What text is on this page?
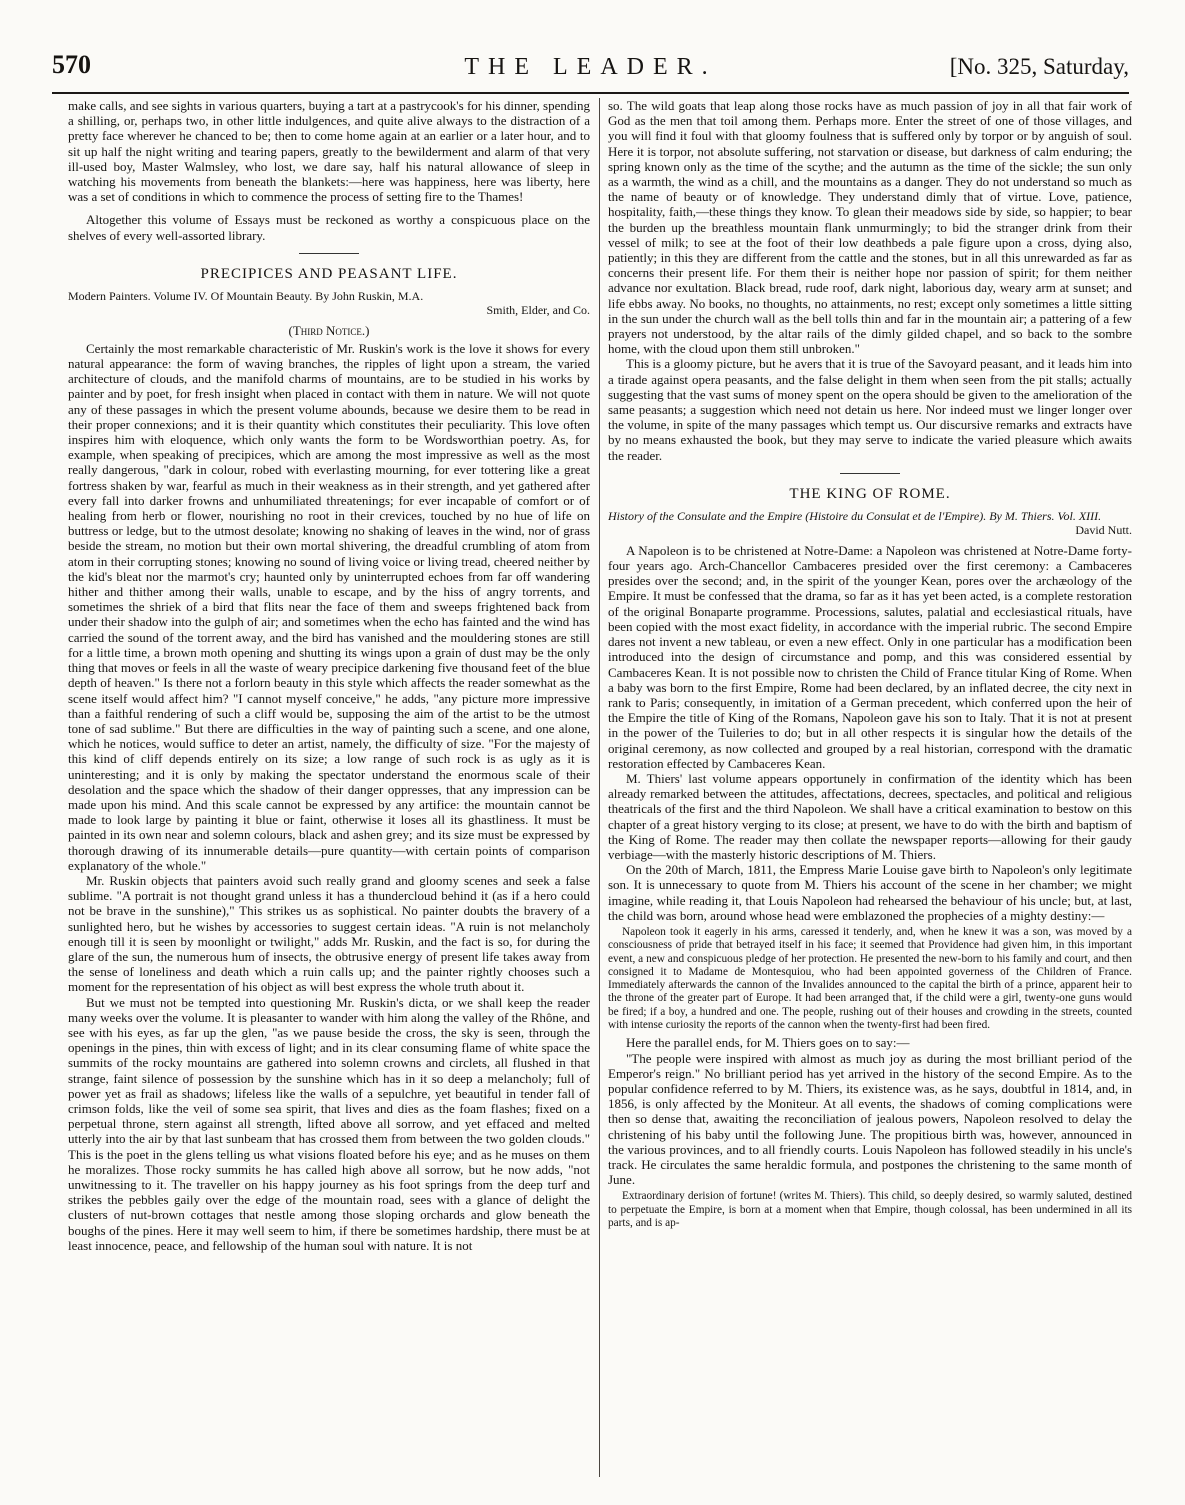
570	THE LEADER.	[No. 325, Saturday,

make calls, and see sights in various quarters, buying a tart at a pastrycook's for his dinner, spending a shilling, or, perhaps two, in other little indulgences, and quite alive always to the distraction of a pretty face wherever he chanced to be; then to come home again at an earlier or a later hour, and to sit up half the night writing and tearing papers, greatly to the bewilderment and alarm of that very ill-used boy, Master Walmsley, who lost, we dare say, half his natural allowance of sleep in watching his movements from beneath the blankets:—here was happiness, here was liberty, here was a set of conditions in which to commence the process of setting fire to the Thames!

Altogether this volume of Essays must be reckoned as worthy a conspicuous place on the shelves of every well-assorted library.

PRECIPICES AND PEASANT LIFE.

Modern Painters. Volume IV. Of Mountain Beauty. By John Ruskin, M.A.

Smith, Elder, and Co.

(Third Notice.)

Certainly the most remarkable characteristic of Mr. Ruskin's work is the love it shows for every natural appearance: the form of waving branches, the ripples of light upon a stream, the varied architecture of clouds, and the manifold charms of mountains, are to be studied in his works by painter and by poet, for fresh insight when placed in contact with them in nature. We will not quote any of these passages in which the present volume abounds, because we desire them to be read in their proper connexions; and it is their quantity which constitutes their peculiarity. This love often inspires him with eloquence, which only wants the form to be Wordsworthian poetry. As, for example, when speaking of precipices, which are among the most impressive as well as the most really dangerous, "dark in colour, robed with everlasting mourning, for ever tottering like a great fortress shaken by war, fearful as much in their weakness as in their strength, and yet gathered after every fall into darker frowns and unhumiliated threatenings; for ever incapable of comfort or of healing from herb or flower, nourishing no root in their crevices, touched by no hue of life on buttress or ledge, but to the utmost desolate; knowing no shaking of leaves in the wind, nor of grass beside the stream, no motion but their own mortal shivering, the dreadful crumbling of atom from atom in their corrupting stones; knowing no sound of living voice or living tread, cheered neither by the kid's bleat nor the marmot's cry; haunted only by uninterrupted echoes from far off wandering hither and thither among their walls, unable to escape, and by the hiss of angry torrents, and sometimes the shriek of a bird that flits near the face of them and sweeps frightened back from under their shadow into the gulph of air; and sometimes when the echo has fainted and the wind has carried the sound of the torrent away, and the bird has vanished and the mouldering stones are still for a little time, a brown moth opening and shutting its wings upon a grain of dust may be the only thing that moves or feels in all the waste of weary precipice darkening five thousand feet of the blue depth of heaven." Is there not a forlorn beauty in this style which affects the reader somewhat as the scene itself would affect him? "I cannot myself conceive," he adds, "any picture more impressive than a faithful rendering of such a cliff would be, supposing the aim of the artist to be the utmost tone of sad sublime." But there are difficulties in the way of painting such a scene, and one alone, which he notices, would suffice to deter an artist, namely, the difficulty of size. "For the majesty of this kind of cliff depends entirely on its size; a low range of such rock is as ugly as it is uninteresting; and it is only by making the spectator understand the enormous scale of their desolation and the space which the shadow of their danger oppresses, that any impression can be made upon his mind. And this scale cannot be expressed by any artifice: the mountain cannot be made to look large by painting it blue or faint, otherwise it loses all its ghastliness. It must be painted in its own near and solemn colours, black and ashen grey; and its size must be expressed by thorough drawing of its innumerable details—pure quantity—with certain points of comparison explanatory of the whole."

Mr. Ruskin objects that painters avoid such really grand and gloomy scenes and seek a false sublime. "A portrait is not thought grand unless it has a thundercloud behind it (as if a hero could not be brave in the sunshine)," This strikes us as sophistical. No painter doubts the bravery of a sunlighted hero, but he wishes by accessories to suggest certain ideas. "A ruin is not melancholy enough till it is seen by moonlight or twilight," adds Mr. Ruskin, and the fact is so, for during the glare of the sun, the numerous hum of insects, the obtrusive energy of present life takes away from the sense of loneliness and death which a ruin calls up; and the painter rightly chooses such a moment for the representation of his object as will best express the whole truth about it.

But we must not be tempted into questioning Mr. Ruskin's dicta, or we shall keep the reader many weeks over the volume. It is pleasanter to wander with him along the valley of the Rhône, and see with his eyes, as far up the glen, "as we pause beside the cross, the sky is seen, through the openings in the pines, thin with excess of light; and in its clear consuming flame of white space the summits of the rocky mountains are gathered into solemn crowns and circlets, all flushed in that strange, faint silence of possession by the sunshine which has in it so deep a melancholy; full of power yet as frail as shadows; lifeless like the walls of a sepulchre, yet beautiful in tender fall of crimson folds, like the veil of some sea spirit, that lives and dies as the foam flashes; fixed on a perpetual throne, stern against all strength, lifted above all sorrow, and yet effaced and melted utterly into the air by that last sunbeam that has crossed them from between the two golden clouds." This is the poet in the glens telling us what visions floated before his eye; and as he muses on them he moralizes. Those rocky summits he has called high above all sorrow, but he now adds, "not unwitnessing to it. The traveller on his happy journey as his foot springs from the deep turf and strikes the pebbles gaily over the edge of the mountain road, sees with a glance of delight the clusters of nut-brown cottages that nestle among those sloping orchards and glow beneath the boughs of the pines. Here it may well seem to him, if there be sometimes hardship, there must be at least innocence, peace, and fellowship of the human soul with nature. It is not

so. The wild goats that leap along those rocks have as much passion of joy in all that fair work of God as the men that toil among them. Perhaps more. Enter the street of one of those villages, and you will find it foul with that gloomy foulness that is suffered only by torpor or by anguish of soul. Here it is torpor, not absolute suffering, not starvation or disease, but darkness of calm enduring; the spring known only as the time of the scythe; and the autumn as the time of the sickle; the sun only as a warmth, the wind as a chill, and the mountains as a danger. They do not understand so much as the name of beauty or of knowledge. They understand dimly that of virtue. Love, patience, hospitality, faith,—these things they know. To glean their meadows side by side, so happier; to bear the burden up the breathless mountain flank unmurmingly; to bid the stranger drink from their vessel of milk; to see at the foot of their low deathbeds a pale figure upon a cross, dying also, patiently; in this they are different from the cattle and the stones, but in all this unrewarded as far as concerns their present life. For them their is neither hope nor passion of spirit; for them neither advance nor exultation. Black bread, rude roof, dark night, laborious day, weary arm at sunset; and life ebbs away. No books, no thoughts, no attainments, no rest; except only sometimes a little sitting in the sun under the church wall as the bell tolls thin and far in the mountain air; a pattering of a few prayers not understood, by the altar rails of the dimly gilded chapel, and so back to the sombre home, with the cloud upon them still unbroken."

This is a gloomy picture, but he avers that it is true of the Savoyard peasant, and it leads him into a tirade against opera peasants, and the false delight in them when seen from the pit stalls; actually suggesting that the vast sums of money spent on the opera should be given to the amelioration of the same peasants; a suggestion which need not detain us here. Nor indeed must we linger longer over the volume, in spite of the many passages which tempt us. Our discursive remarks and extracts have by no means exhausted the book, but they may serve to indicate the varied pleasure which awaits the reader.

THE KING OF ROME.

History of the Consulate and the Empire (Histoire du Consulat et de l'Empire). By M. Thiers. Vol. XIII.

David Nutt.

A Napoleon is to be christened at Notre-Dame: a Napoleon was christened at Notre-Dame forty-four years ago. Arch-Chancellor Cambaceres presided over the first ceremony: a Cambaceres presides over the second; and, in the spirit of the younger Kean, pores over the archæology of the Empire. It must be confessed that the drama, so far as it has yet been acted, is a complete restoration of the original Bonaparte programme. Processions, salutes, palatial and ecclesiastical rituals, have been copied with the most exact fidelity, in accordance with the imperial rubric. The second Empire dares not invent a new tableau, or even a new effect. Only in one particular has a modification been introduced into the design of circumstance and pomp, and this was considered essential by Cambaceres Kean. It is not possible now to christen the Child of France titular King of Rome. When a baby was born to the first Empire, Rome had been declared, by an inflated decree, the city next in rank to Paris; consequently, in imitation of a German precedent, which conferred upon the heir of the Empire the title of King of the Romans, Napoleon gave his son to Italy. That it is not at present in the power of the Tuileries to do; but in all other respects it is singular how the details of the original ceremony, as now collected and grouped by a real historian, correspond with the dramatic restoration effected by Cambaceres Kean.

M. Thiers' last volume appears opportunely in confirmation of the identity which has been already remarked between the attitudes, affectations, decrees, spectacles, and political and religious theatricals of the first and the third Napoleon. We shall have a critical examination to bestow on this chapter of a great history verging to its close; at present, we have to do with the birth and baptism of the King of Rome. The reader may then collate the newspaper reports—allowing for their gaudy verbiage—with the masterly historic descriptions of M. Thiers.

On the 20th of March, 1811, the Empress Marie Louise gave birth to Napoleon's only legitimate son. It is unnecessary to quote from M. Thiers his account of the scene in her chamber; we might imagine, while reading it, that Louis Napoleon had rehearsed the behaviour of his uncle; but, at last, the child was born, around whose head were emblazoned the prophecies of a mighty destiny:—

Napoleon took it eagerly in his arms, caressed it tenderly, and, when he knew it was a son, was moved by a consciousness of pride that betrayed itself in his face; it seemed that Providence had given him, in this important event, a new and conspicuous pledge of her protection. He presented the new-born to his family and court, and then consigned it to Madame de Montesquiou, who had been appointed governess of the Children of France. Immediately afterwards the cannon of the Invalides announced to the capital the birth of a prince, apparent heir to the throne of the greater part of Europe. It had been arranged that, if the child were a girl, twenty-one guns would be fired; if a boy, a hundred and one. The people, rushing out of their houses and crowding in the streets, counted with intense curiosity the reports of the cannon when the twenty-first had been fired.

Here the parallel ends, for M. Thiers goes on to say:—

"The people were inspired with almost as much joy as during the most brilliant period of the Emperor's reign." No brilliant period has yet arrived in the history of the second Empire. As to the popular confidence referred to by M. Thiers, its existence was, as he says, doubtful in 1814, and, in 1856, is only affected by the Moniteur. At all events, the shadows of coming complications were then so dense that, awaiting the reconciliation of jealous powers, Napoleon resolved to delay the christening of his baby until the following June. The propitious birth was, however, announced in the various provinces, and to all friendly courts. Louis Napoleon has followed steadily in his uncle's track. He circulates the same heraldic formula, and postpones the christening to the same month of June.

Extraordinary derision of fortune! (writes M. Thiers). This child, so deeply desired, so warmly saluted, destined to perpetuate the Empire, is born at a moment when that Empire, though colossal, has been undermined in all its parts, and is ap-
